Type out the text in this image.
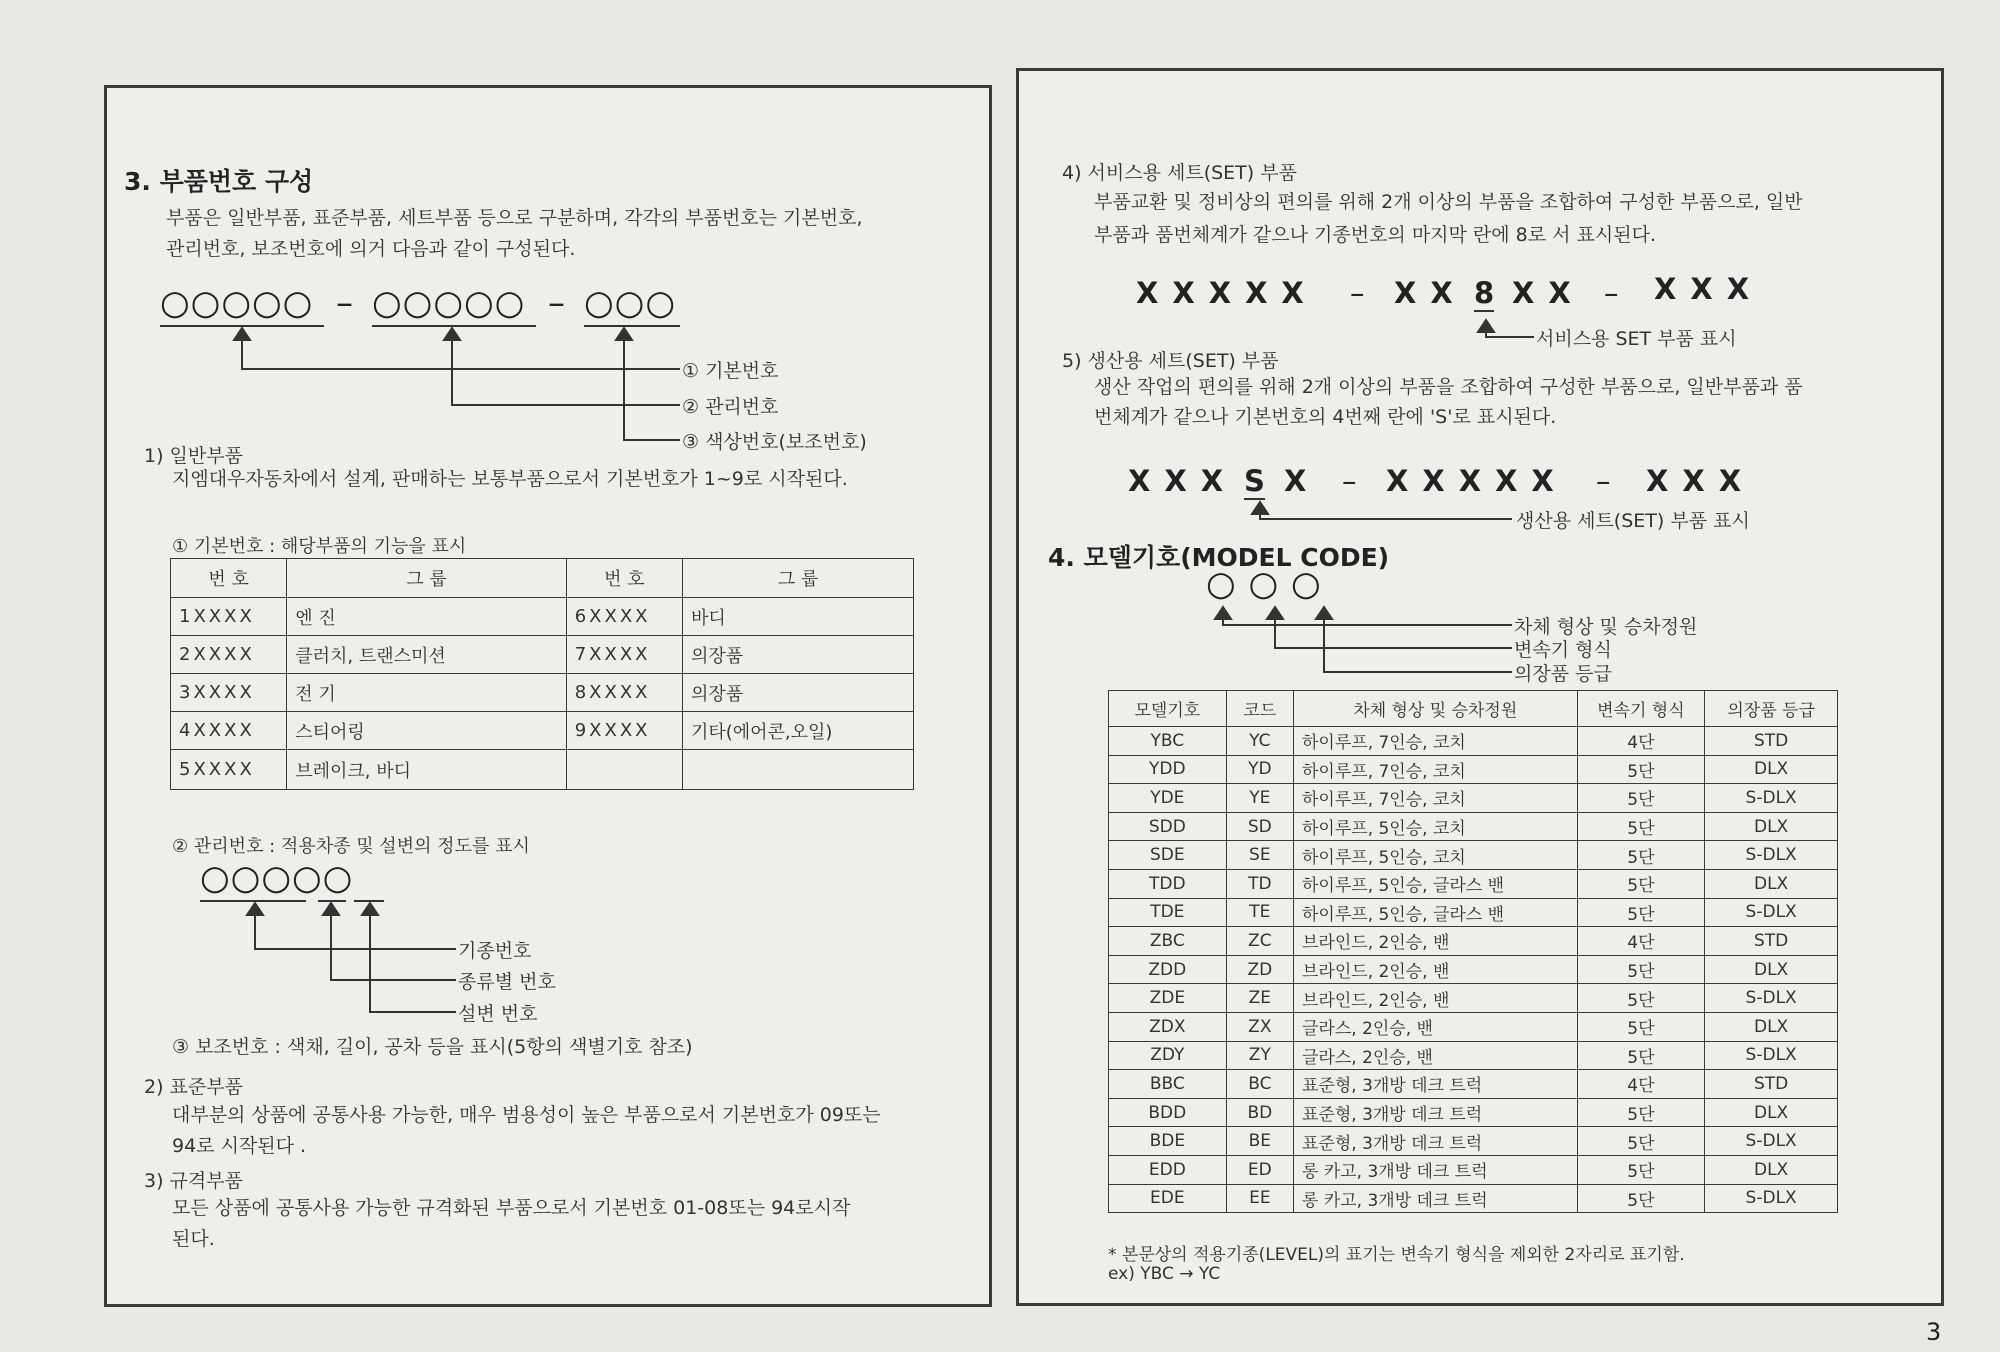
3. 부품번호 구성
부품은 일반부품, 표준부품, 세트부품 등으로 구분하며, 각각의 부품번호는 기본번호, 관리번호, 보조번호에 의거 다음과 같이 구성된다.
○○○○○ – ○○○○○ – ○○○
① 기본번호
② 관리번호
③ 색상번호(보조번호)
1) 일반부품
지엠대우자동차에서 설계, 판매하는 보통부품으로서 기본번호가 1~9로 시작된다.
① 기본번호 : 해당부품의 기능을 표시
번 호	그 룹	번 호	그 룹
1XXXX	엔 진	6XXXX	바디
2XXXX	클러치, 트랜스미션	7XXXX	의장품
3XXXX	전 기	8XXXX	의장품
4XXXX	스티어링	9XXXX	기타(에어콘,오일)
5XXXX	브레이크, 바디		
② 관리번호 : 적용차종 및 설변의 정도를 표시
○○○○○
기종번호
종류별 번호
설변 번호
③ 보조번호 : 색채, 길이, 공차 등을 표시(5항의 색별기호 참조)
2) 표준부품
대부분의 상품에 공통사용 가능한, 매우 범용성이 높은 부품으로서 기본번호가 09또는94로 시작된다 .
3) 규격부품
모든 상품에 공통사용 가능한 규격화된 부품으로서 기본번호 01-08또는 94로시작 된다.
4) 서비스용 세트(SET) 부품
부품교환 및 정비상의 편의를 위해 2개 이상의 부품을 조합하여 구성한 부품으로, 일반부품과 품번체계가 같으나 기종번호의 마지막 란에 8로 서 표시된다.
XXXXX – XX 8 XX – XXX
서비스용 SET 부품 표시
5) 생산용 세트(SET) 부품
생산 작업의 편의를 위해 2개 이상의 부품을 조합하여 구성한 부품으로, 일반부품과 품번체계가 같으나 기본번호의 4번째 란에 'S'로 표시된다.
XXX S X – XXXXX – XXX
생산용 세트(SET) 부품 표시
4. 모델기호(MODEL CODE)
○ ○ ○
차체 형상 및 승차정원
변속기 형식
의장품 등급
모델기호	코드	차체 형상 및 승차정원	변속기 형식	의장품 등급
YBC	YC	하이루프, 7인승, 코치	4단	STD
YDD	YD	하이루프, 7인승, 코치	5단	DLX
YDE	YE	하이루프, 7인승, 코치	5단	S-DLX
SDD	SD	하이루프, 5인승, 코치	5단	DLX
SDE	SE	하이루프, 5인승, 코치	5단	S-DLX
TDD	TD	하이루프, 5인승, 글라스 밴	5단	DLX
TDE	TE	하이루프, 5인승, 글라스 밴	5단	S-DLX
ZBC	ZC	브라인드, 2인승, 밴	4단	STD
ZDD	ZD	브라인드, 2인승, 밴	5단	DLX
ZDE	ZE	브라인드, 2인승, 밴	5단	S-DLX
ZDX	ZX	글라스, 2인승, 밴	5단	DLX
ZDY	ZY	글라스, 2인승, 밴	5단	S-DLX
BBC	BC	표준형, 3개방 데크 트럭	4단	STD
BDD	BD	표준형, 3개방 데크 트럭	5단	DLX
BDE	BE	표준형, 3개방 데크 트럭	5단	S-DLX
EDD	ED	롱 카고, 3개방 데크 트럭	5단	DLX
EDE	EE	롱 카고, 3개방 데크 트럭	5단	S-DLX
* 본문상의 적용기종(LEVEL)의 표기는 변속기 형식을 제외한 2자리로 표기함.
ex) YBC → YC
3
